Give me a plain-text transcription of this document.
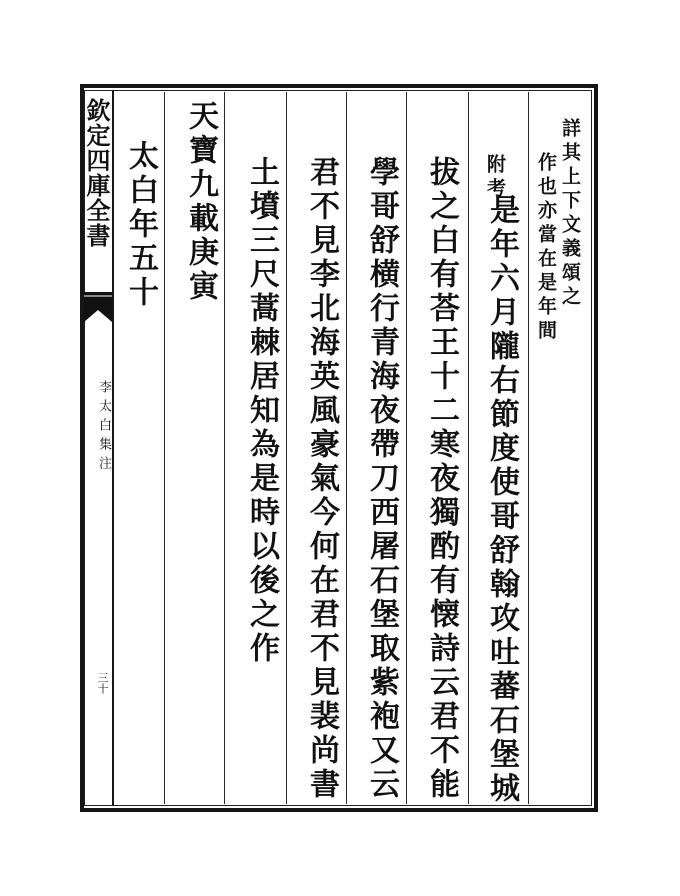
欽定四庫全書
李太白集注
三十
詳其上下文義頌之
作也亦當在是年間
附考
是年六月隴右節度使哥舒翰攻吐蕃石堡城
拔之白有荅王十二寒夜獨酌有懐詩云君不能
學哥舒横行青海夜帶刀西屠石堡取紫袍又云
君不見李北海英風豪氣今何在君不見裴尚書
土墳三尺蒿棘居知為是時以後之作
天寶九載庚寅
太白年五十
